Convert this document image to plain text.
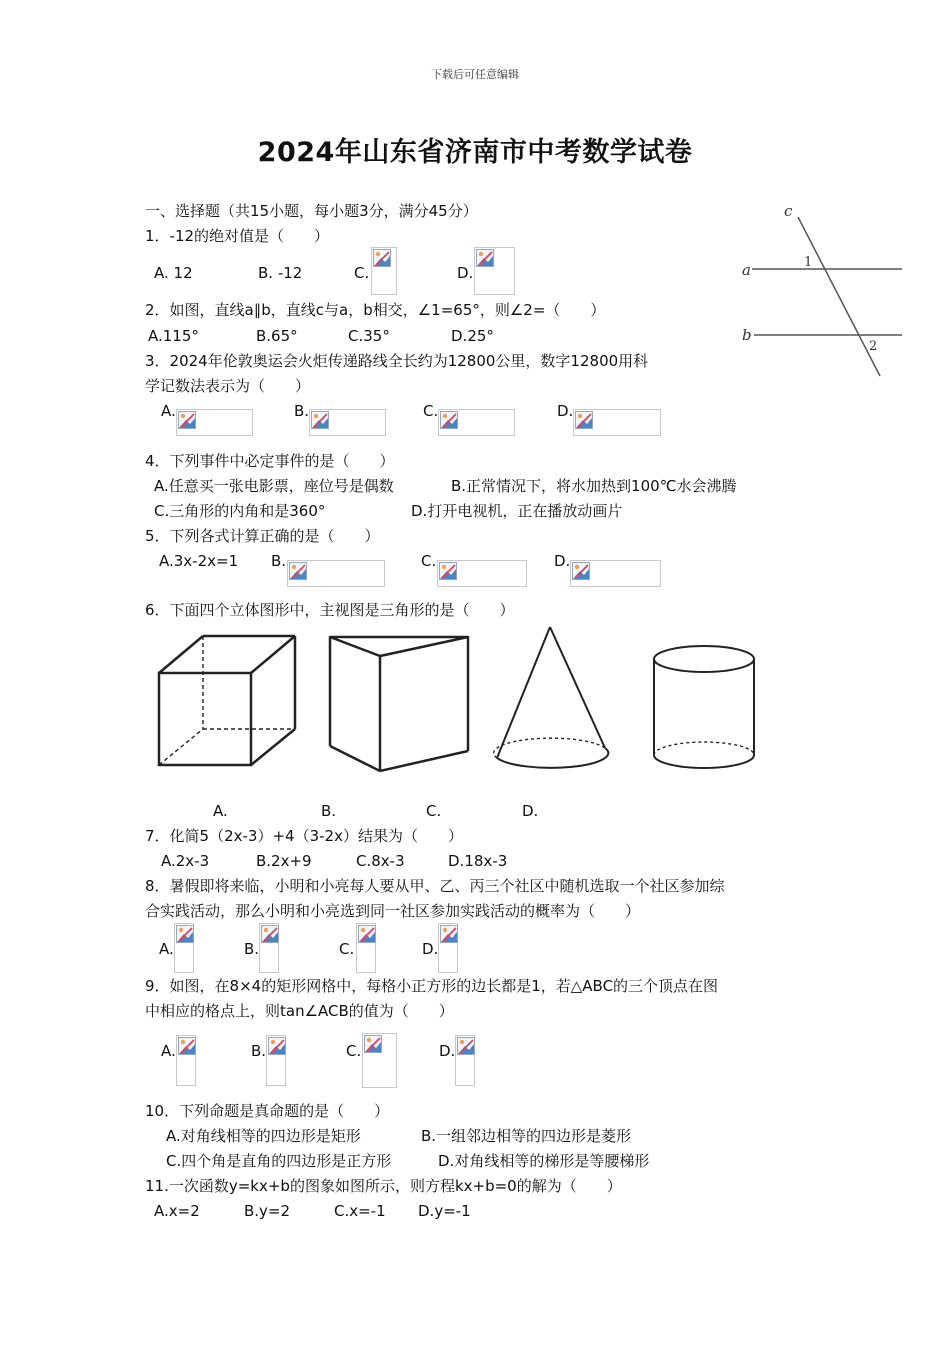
下载后可任意编辑
2024年山东省济南市中考数学试卷
一、选择题（共15小题，每小题3分，满分45分）	c
a
b
1
2
1．-12的绝对值是（　　）
A. 12	B. -12	C.	D.
2．如图，直线a∥b，直线c与a，b相交，∠1=65°，则∠2=（　　）
A.115°	B.65°	C.35°	D.25°
3．2024年伦敦奥运会火炬传递路线全长约为12800公里，数字12800用科
学记数法表示为（　　）
A.	B.	C.	D.
4．下列事件中必定事件的是（　　）
A.任意买一张电影票，座位号是偶数	B.正常情况下，将水加热到100℃水会沸腾
C.三角形的内角和是360°	D.打开电视机，正在播放动画片
5．下列各式计算正确的是（　　）
A.3x-2x=1 B.	C.	D.
6．下面四个立体图形中，主视图是三角形的是（　　）
A.	B.	C.	D.
7．化简5（2x-3）+4（3-2x）结果为（　　）
A.2x-3	B.2x+9	C.8x-3	D.18x-3
8．暑假即将来临，小明和小亮每人要从甲、乙、丙三个社区中随机选取一个社区参加综
合实践活动，那么小明和小亮选到同一社区参加实践活动的概率为（　　）
A.	B.	C.	D.
9．如图，在8×4的矩形网格中，每格小正方形的边长都是1，若△ABC的三个顶点在图
中相应的格点上，则tan∠ACB的值为（　　）
A.	B.	C.	D.
10．下列命题是真命题的是（　　）
A.对角线相等的四边形是矩形	B.一组邻边相等的四边形是菱形
C.四个角是直角的四边形是正方形	D.对角线相等的梯形是等腰梯形
11.一次函数y=kx+b的图象如图所示，则方程kx+b=0的解为（　　）
A.x=2	B.y=2	C.x=-1 D.y=-1
